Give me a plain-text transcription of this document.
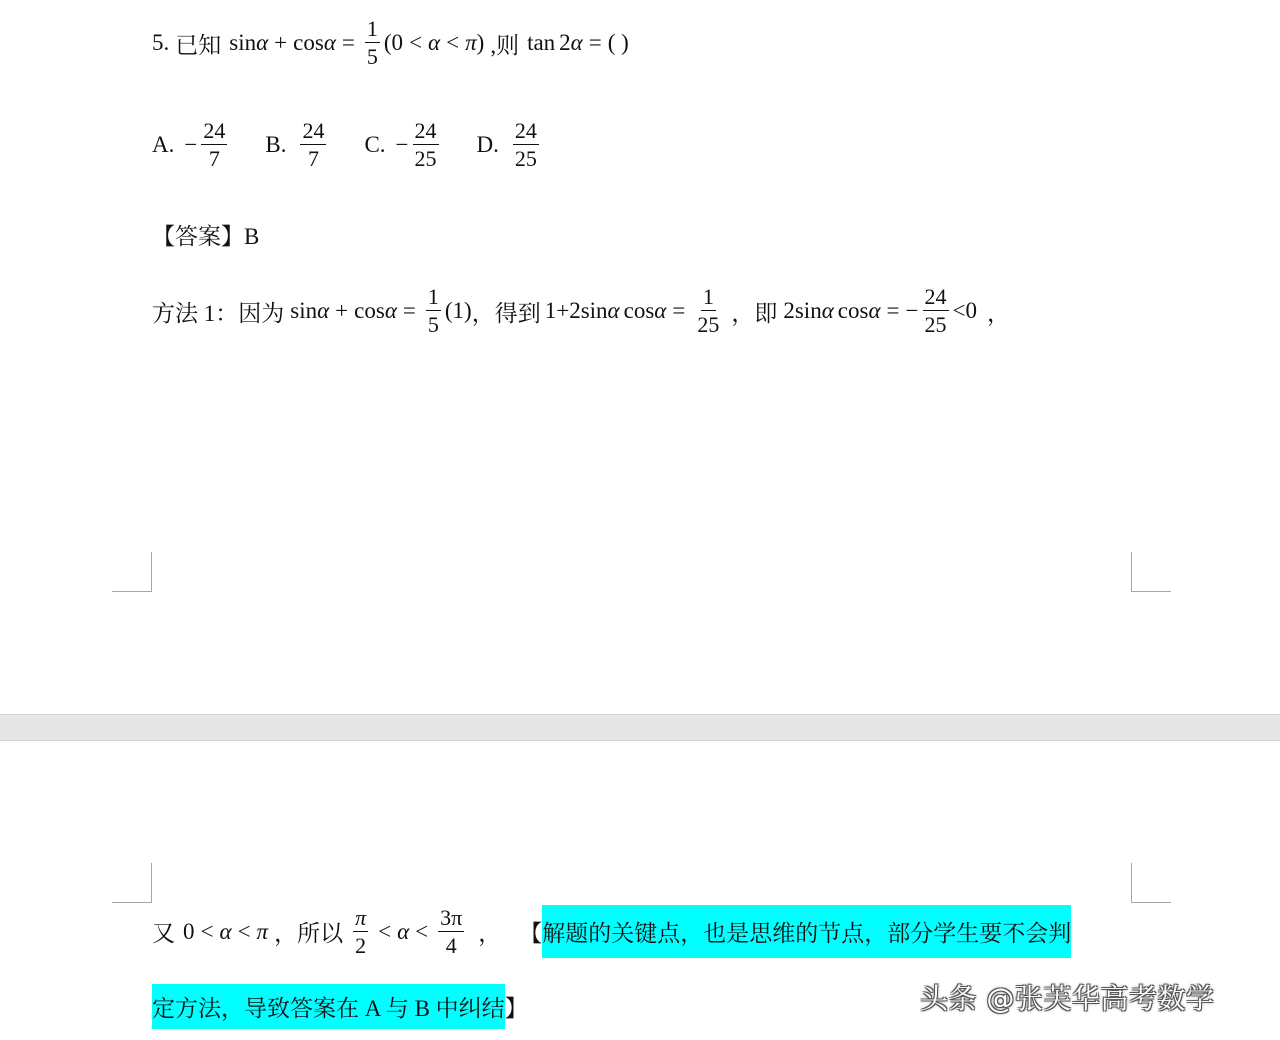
5. 已知 $\sin \alpha + \cos \alpha = \frac{1}{5} (0 < \alpha < \pi$ ) ,则 tan 2 α = ( )
A. − $\frac{24}{7} B$. $\frac{24}{7} C$. − $\frac{24}{25} D$. $\frac{24}{25}$
【答案】B
方法 1：因为 $\sin \alpha + \cos \alpha = \frac{1}{5} (1)$ ，得到 1+2 sin α $\cos \alpha = \frac{1}{25}$ ，即 2 sin α cos α = − $\frac{24}{25} <0$ ，
又 0 < α < π ，所以 $\frac{\pi}{2} < \alpha < \frac{3\pi}{4}$ ， 【 解题的关键点，也是思维的节点，部分学生要不会判
定方法，导致答案在 A 与 B 中纠结 】	头条 @张芙华高考数学
